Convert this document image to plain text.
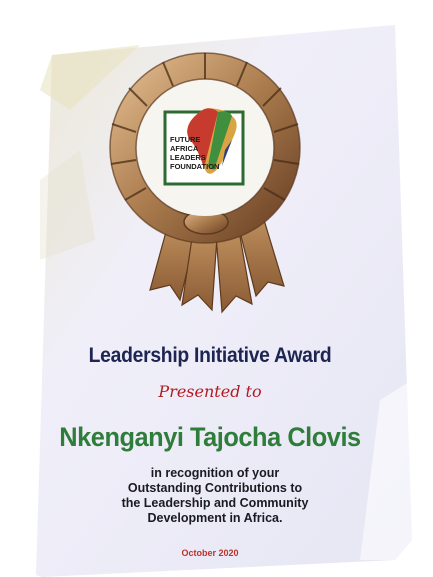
FUTURE
AFRICA
LEADERS
FOUNDATION
Leadership Initiative Award
Presented to
Nkenganyi Tajocha Clovis
in recognition of your
Outstanding Contributions to
the Leadership and Community
Development in Africa.
October 2020
